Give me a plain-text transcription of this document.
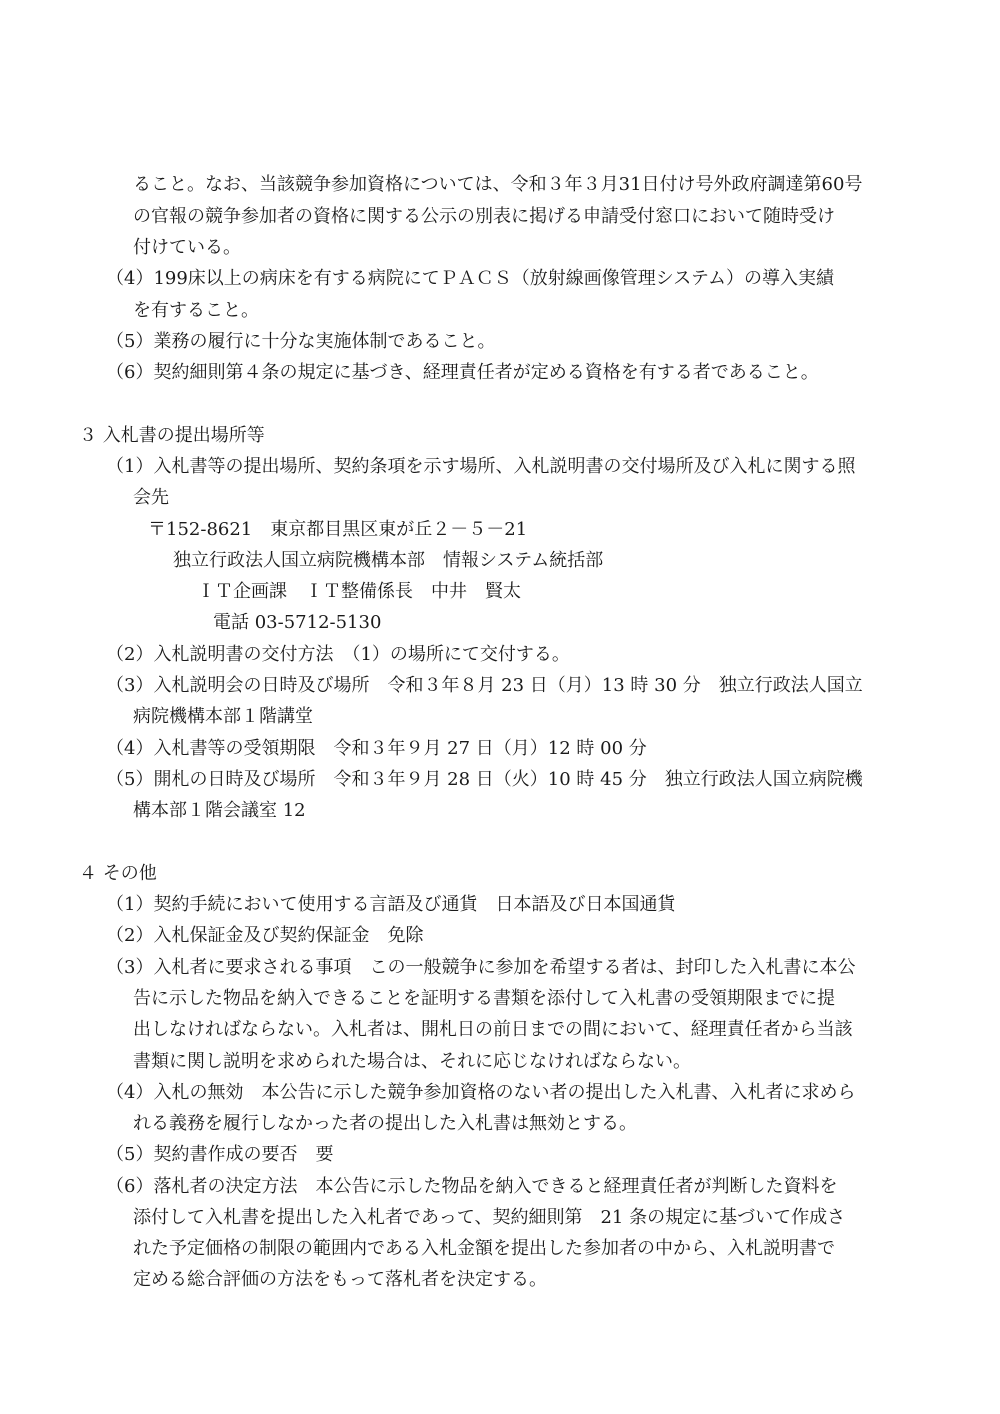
ること。なお、当該競争参加資格については、令和３年３月31日付け号外政府調達第60号
の官報の競争参加者の資格に関する公示の別表に掲げる申請受付窓口において随時受け
付けている。
（4）199床以上の病床を有する病院にてＰＡＣＳ（放射線画像管理システム）の導入実績
を有すること。
（5）業務の履行に十分な実施体制であること。
（6）契約細則第４条の規定に基づき、経理責任者が定める資格を有する者であること。
３ 入札書の提出場所等
（1）入札書等の提出場所、契約条項を示す場所、入札説明書の交付場所及び入札に関する照
会先
〒152-8621　東京都目黒区東が丘２－５－21
独立行政法人国立病院機構本部　情報システム統括部
ＩＴ企画課　ＩＴ整備係長　中井　賢太
電話 03-5712-5130
（2）入札説明書の交付方法　（1）の場所にて交付する。
（3）入札説明会の日時及び場所　令和３年８月 23 日（月）13 時 30 分　独立行政法人国立
病院機構本部１階講堂
（4）入札書等の受領期限　令和３年９月 27 日（月）12 時 00 分
（5）開札の日時及び場所　令和３年９月 28 日（火）10 時 45 分　独立行政法人国立病院機
構本部１階会議室 12
４ その他
（1）契約手続において使用する言語及び通貨　日本語及び日本国通貨
（2）入札保証金及び契約保証金　免除
（3）入札者に要求される事項　この一般競争に参加を希望する者は、封印した入札書に本公
告に示した物品を納入できることを証明する書類を添付して入札書の受領期限までに提
出しなければならない。入札者は、開札日の前日までの間において、経理責任者から当該
書類に関し説明を求められた場合は、それに応じなければならない。
（4）入札の無効　本公告に示した競争参加資格のない者の提出した入札書、入札者に求めら
れる義務を履行しなかった者の提出した入札書は無効とする。
（5）契約書作成の要否　要
（6）落札者の決定方法　本公告に示した物品を納入できると経理責任者が判断した資料を
添付して入札書を提出した入札者であって、契約細則第　21 条の規定に基づいて作成さ
れた予定価格の制限の範囲内である入札金額を提出した参加者の中から、入札説明書で
定める総合評価の方法をもって落札者を決定する。
